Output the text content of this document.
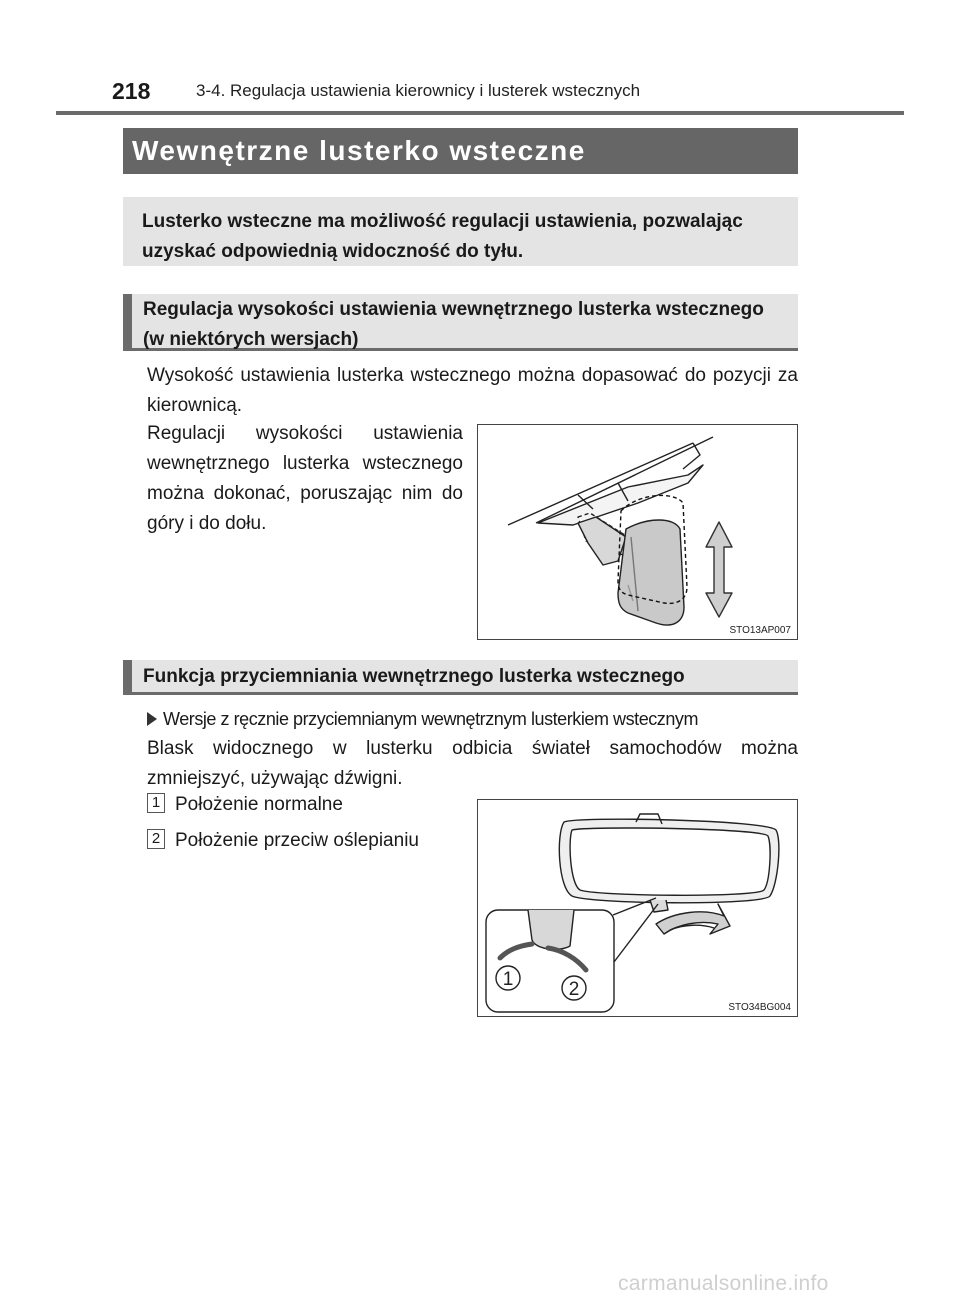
218	3-4. Regulacja ustawienia kierownicy i lusterek wstecznych
Wewnętrzne lusterko wsteczne
Lusterko wsteczne ma możliwość regulacji ustawienia, pozwalając uzyskać odpowiednią widoczność do tyłu.
Regulacja wysokości ustawienia wewnętrznego lusterka wstecznego (w niektórych wersjach)
Wysokość ustawienia lusterka wstecznego można dopasować do pozycji za kierownicą.
Regulacji wysokości ustawienia wewnętrznego lusterka wstecznego można dokonać, poruszając nim do góry i do dołu.
STO13AP007
Funkcja przyciemniania wewnętrznego lusterka wstecznego
Wersje z ręcznie przyciemnianym wewnętrznym lusterkiem wstecznym
Blask widocznego w lusterku odbicia świateł samochodów można zmniejszyć, używając dźwigni.
1 Położenie normalne
2 Położenie przeciw oślepianiu
1	2
STO34BG004
carmanualsonline.info
